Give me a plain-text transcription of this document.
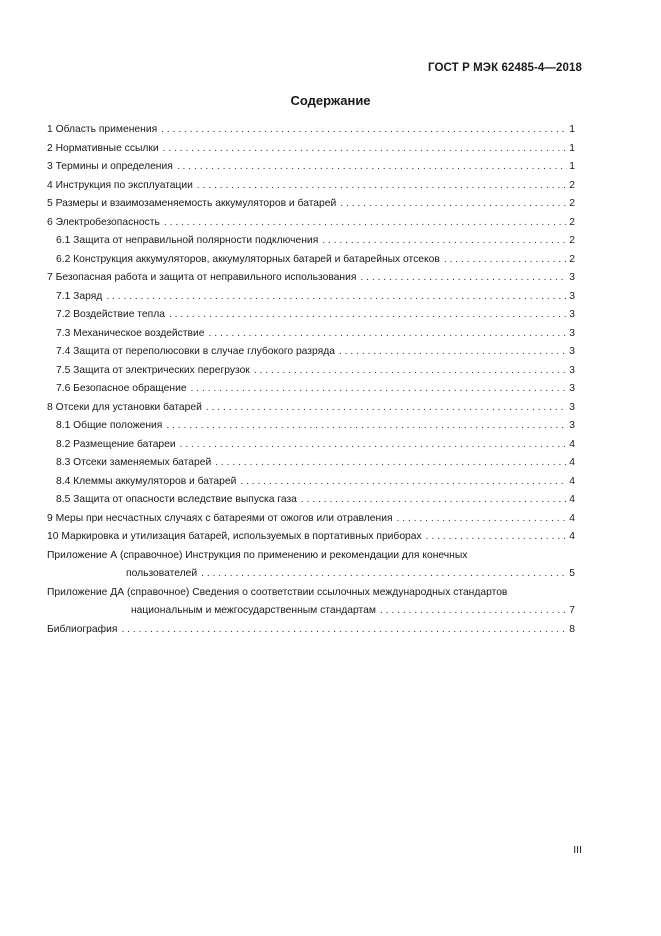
ГОСТ Р МЭК 62485-4—2018
Содержание
1 Область применения . . .	1
2 Нормативные ссылки . . .	1
3 Термины и определения . . .	1
4 Инструкция по эксплуатации . . .	2
5 Размеры и взаимозаменяемость аккумуляторов и батарей . . .	2
6 Электробезопасность . . .	2
6.1 Защита от неправильной полярности подключения . . .	2
6.2 Конструкция аккумуляторов, аккумуляторных батарей и батарейных отсеков . . .	2
7 Безопасная работа и защита от неправильного использования . . .	3
7.1 Заряд . . .	3
7.2 Воздействие тепла . . .	3
7.3 Механическое воздействие . . .	3
7.4 Защита от переполюсовки в случае глубокого разряда . . .	3
7.5 Защита от электрических перегрузок . . .	3
7.6 Безопасное обращение . . .	3
8 Отсеки для установки батарей . . .	3
8.1 Общие положения . . .	3
8.2 Размещение батареи . . .	4
8.3 Отсеки заменяемых батарей . . .	4
8.4 Клеммы аккумуляторов и батарей . . .	4
8.5 Защита от опасности вследствие выпуска газа . . .	4
9 Меры при несчастных случаях с батареями от ожогов или отравления . . .	4
10 Маркировка и утилизация батарей, используемых в портативных приборах . . .	4
Приложение А (справочное) Инструкция по применению и рекомендации для конечных
пользователей . . .	5
Приложение ДА (справочное) Сведения о соответствии ссылочных международных стандартов
национальным и межгосударственным стандартам . . .	7
Библиография . . .	8
III
